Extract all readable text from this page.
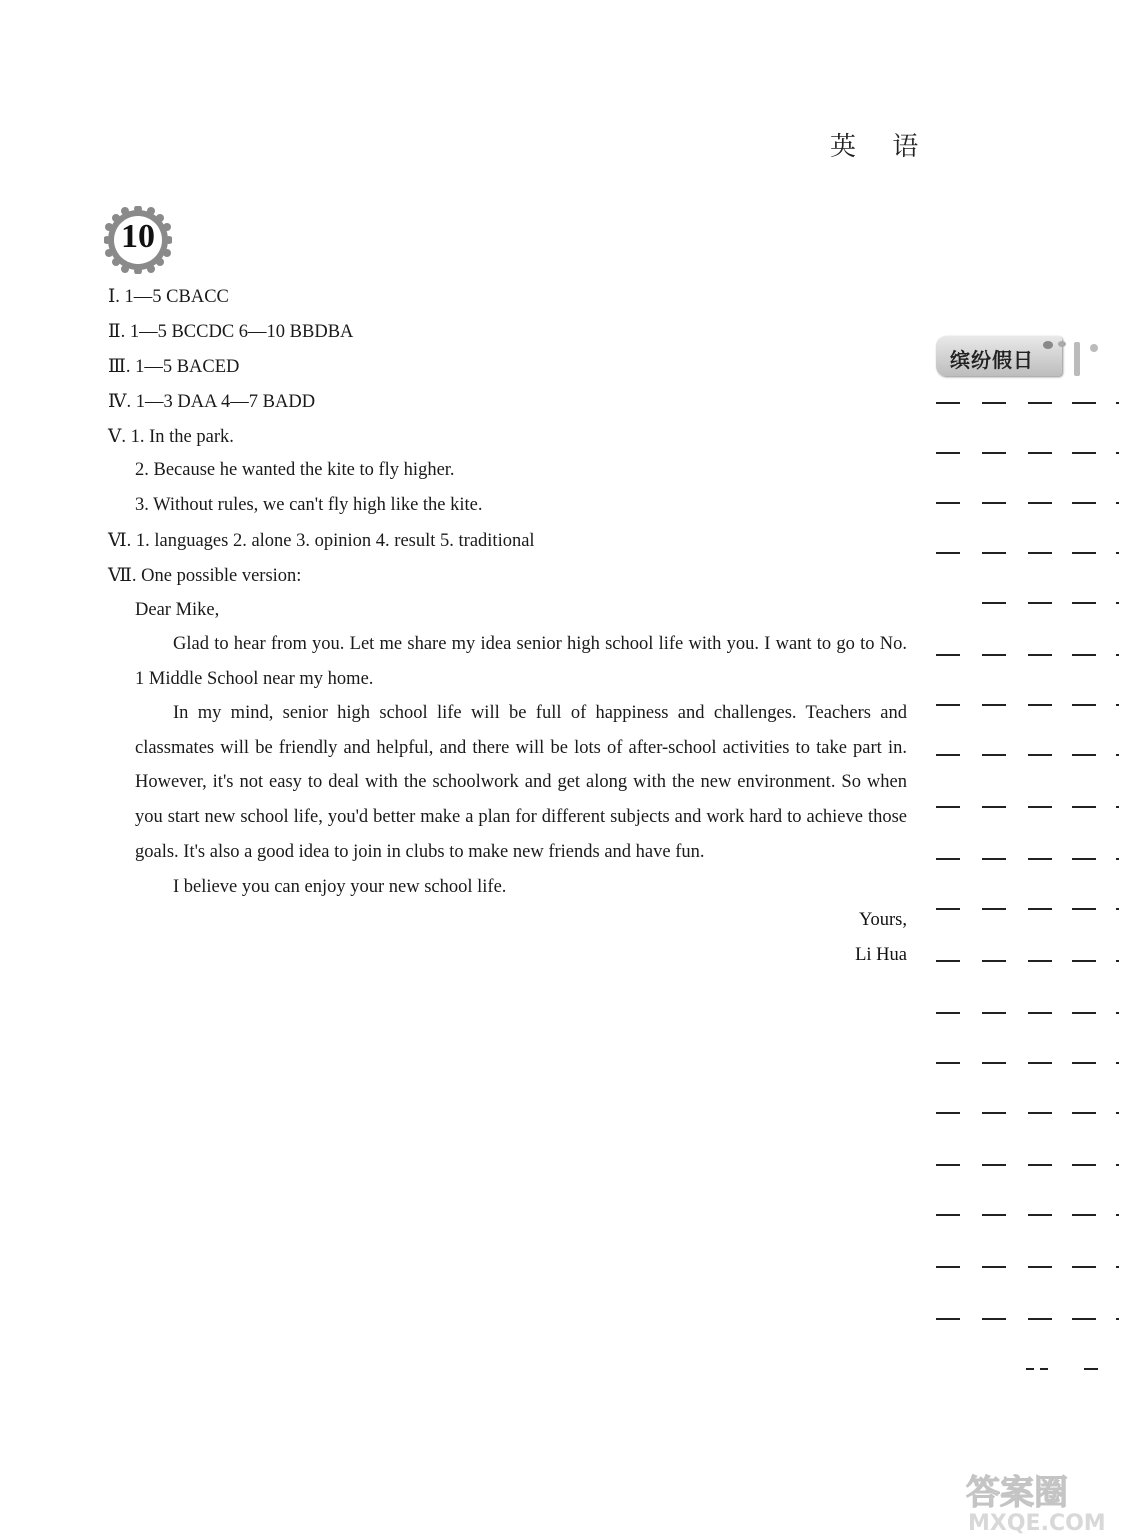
英 语
10
Ⅰ. 1—5 CBACC
Ⅱ. 1—5 BCCDC 6—10 BBDBA
Ⅲ. 1—5 BACED
Ⅳ. 1—3 DAA 4—7 BADD
Ⅴ. 1. In the park.
2. Because he wanted the kite to fly higher.
3. Without rules, we can't fly high like the kite.
Ⅵ. 1. languages 2. alone 3. opinion 4. result 5. traditional
Ⅶ. One possible version:
Dear Mike,
Glad to hear from you. Let me share my idea senior high school life with you. I want to go to No. 1 Middle School near my home.
In my mind, senior high school life will be full of happiness and challenges. Teachers and classmates will be friendly and helpful, and there will be lots of after-school activities to take part in. However, it's not easy to deal with the schoolwork and get along with the new environment. So when you start new school life, you'd better make a plan for different subjects and work hard to achieve those goals. It's also a good idea to join in clubs to make new friends and have fun.
I believe you can enjoy your new school life.
Yours,
Li Hua
缤纷假日
答案圈
MXQE.COM
